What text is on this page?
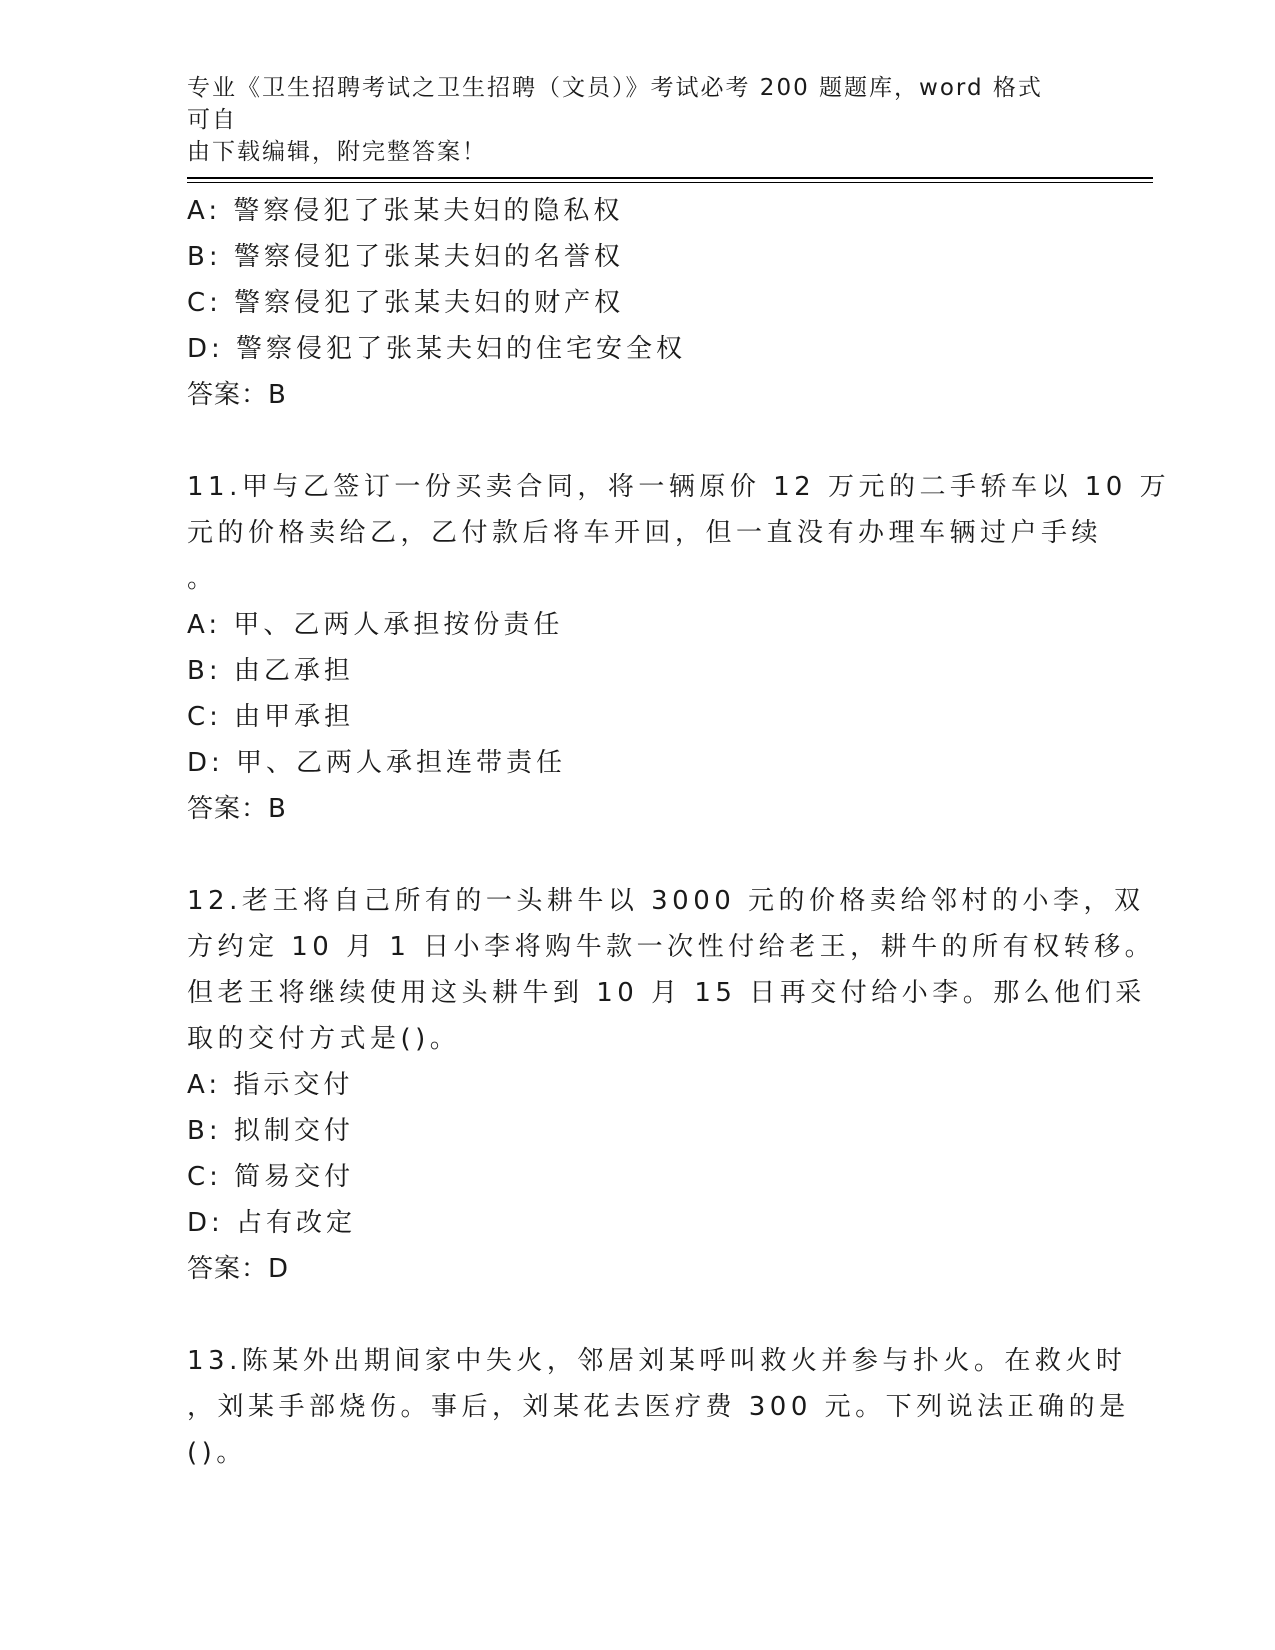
专业《卫生招聘考试之卫生招聘（文员）》考试必考 200 题题库，word 格式可自
由下载编辑，附完整答案！
A: 警察侵犯了张某夫妇的隐私权
B: 警察侵犯了张某夫妇的名誉权
C: 警察侵犯了张某夫妇的财产权
D: 警察侵犯了张某夫妇的住宅安全权
答案：B
11.甲与乙签订一份买卖合同，将一辆原价 12 万元的二手轿车以 10 万
元的价格卖给乙，乙付款后将车开回，但一直没有办理车辆过户手续
。
A: 甲、乙两人承担按份责任
B: 由乙承担
C: 由甲承担
D: 甲、乙两人承担连带责任
答案：B
12.老王将自己所有的一头耕牛以 3000 元的价格卖给邻村的小李，双
方约定 10 月 1 日小李将购牛款一次性付给老王，耕牛的所有权转移。
但老王将继续使用这头耕牛到 10 月 15 日再交付给小李。那么他们采
取的交付方式是()。
A: 指示交付
B: 拟制交付
C: 简易交付
D: 占有改定
答案：D
13.陈某外出期间家中失火，邻居刘某呼叫救火并参与扑火。在救火时
，刘某手部烧伤。事后，刘某花去医疗费 300 元。下列说法正确的是
()。
